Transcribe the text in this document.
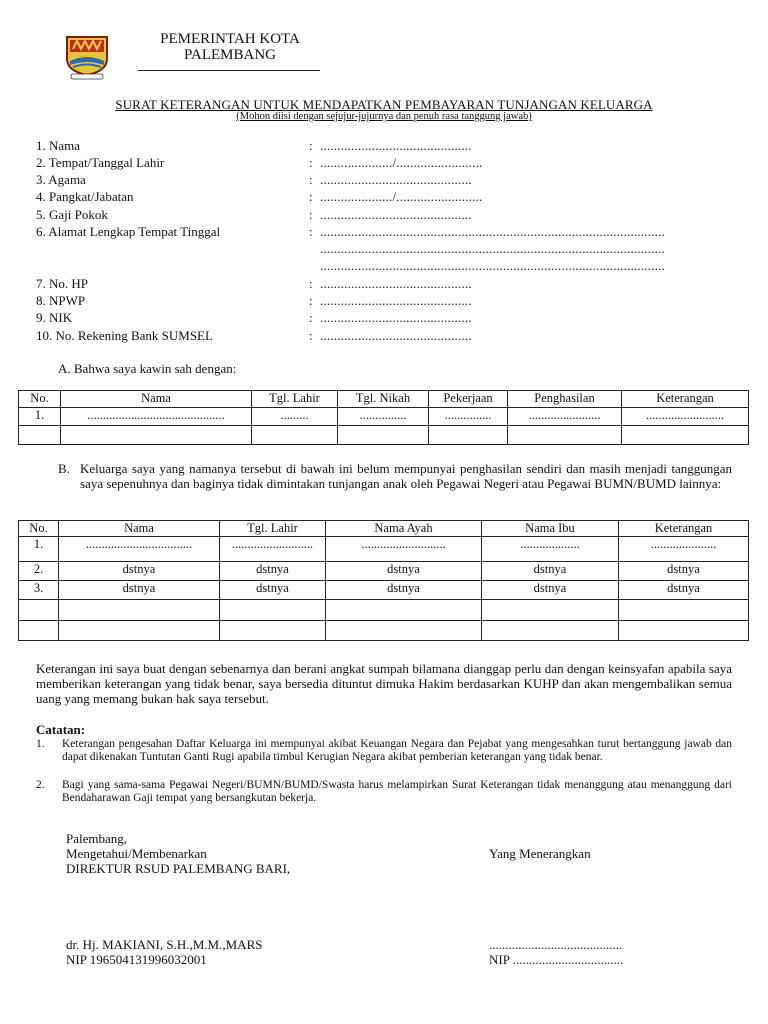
PEMERINTAH KOTA
PALEMBANG
SURAT KETERANGAN UNTUK MENDAPATKAN PEMBAYARAN TUNJANGAN KELUARGA
(Mohon diisi dengan sejujur-jujurnya dan penuh rasa tanggung jawab)
1. Nama	: ............................................
2. Tempat/Tanggal Lahir	: ...................../.........................
3. Agama	: ............................................
4. Pangkat/Jabatan	: ...................../.........................
5. Gaji Pokok	: ............................................
6. Alamat Lengkap Tempat Tinggal	: ....................................................................................................
....................................................................................................
....................................................................................................
7. No. HP	: ............................................
8. NPWP	: ............................................
9. NIK	: ............................................
10. No. Rekening Bank SUMSEL	: ............................................
A. Bahwa saya kawin sah dengan:
No.	Nama	Tgl. Lahir	Tgl. Nikah	Pekerjaan	Penghasilan	Keterangan
1.	............................................	.........	...............	...............	.......................	.........................

B. Keluarga saya yang namanya tersebut di bawah ini belum mempunyai penghasilan sendiri dan masih menjadi tanggungan saya sepenuhnya dan baginya tidak dimintakan tunjangan anak oleh Pegawai Negeri atau Pegawai BUMN/BUMD lainnya:
No.	Nama	Tgl. Lahir	Nama Ayah	Nama Ibu	Keterangan
1.	..................................	..........................	...........................	...................	.....................
2.	dstnya	dstnya	dstnya	dstnya	dstnya
3.	dstnya	dstnya	dstnya	dstnya	dstnya

Keterangan ini saya buat dengan sebenarnya dan berani angkat sumpah bilamana dianggap perlu dan dengan keinsyafan apabila saya memberikan keterangan yang tidak benar, saya bersedia dituntut dimuka Hakim berdasarkan KUHP dan akan mengembalikan semua uang yang memang bukan hak saya tersebut.
Catatan:
1. Keterangan pengesahan Daftar Keluarga ini mempunyai akibat Keuangan Negara dan Pejabat yang mengesahkan turut bertanggung jawab dan dapat dikenakan Tuntutan Ganti Rugi apabila timbul Kerugian Negara akibat pemberian keterangan yang tidak benar.
2. Bagi yang sama-sama Pegawai Negeri/BUMN/BUMD/Swasta harus melampirkan Surat Keterangan tidak menanggung atau menanggung dari Bendaharawan Gaji tempat yang bersangkutan bekerja.
Palembang,
Mengetahui/Membenarkan
DIREKTUR RSUD PALEMBANG BARI,
Yang Menerangkan
dr. Hj. MAKIANI, S.H.,M.M.,MARS
NIP 196504131996032001
.........................................
NIP ..................................
